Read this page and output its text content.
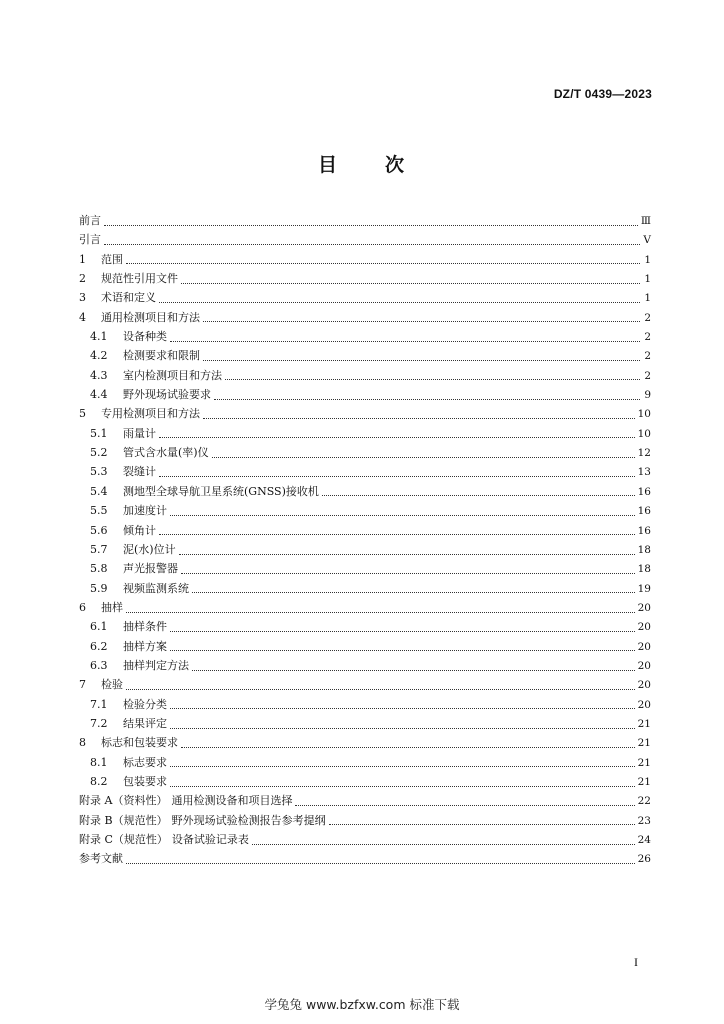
DZ/T 0439—2023
目次
前言	Ⅲ
引言	Ⅴ
1	范围	1
2	规范性引用文件	1
3	术语和定义	1
4	通用检测项目和方法	2
4.1	设备种类	2
4.2	检测要求和限制	2
4.3	室内检测项目和方法	2
4.4	野外现场试验要求	9
5	专用检测项目和方法	10
5.1	雨量计	10
5.2	管式含水量(率)仪	12
5.3	裂缝计	13
5.4	测地型全球导航卫星系统(GNSS)接收机	16
5.5	加速度计	16
5.6	倾角计	16
5.7	泥(水)位计	18
5.8	声光报警器	18
5.9	视频监测系统	19
6	抽样	20
6.1	抽样条件	20
6.2	抽样方案	20
6.3	抽样判定方法	20
7	检验	20
7.1	检验分类	20
7.2	结果评定	21
8	标志和包装要求	21
8.1	标志要求	21
8.2	包装要求	21
附录 A（资料性） 通用检测设备和项目选择	22
附录 B（规范性） 野外现场试验检测报告参考提纲	23
附录 C（规范性） 设备试验记录表	24
参考文献	26
I
学兔兔 www.bzfxw.com 标准下载
